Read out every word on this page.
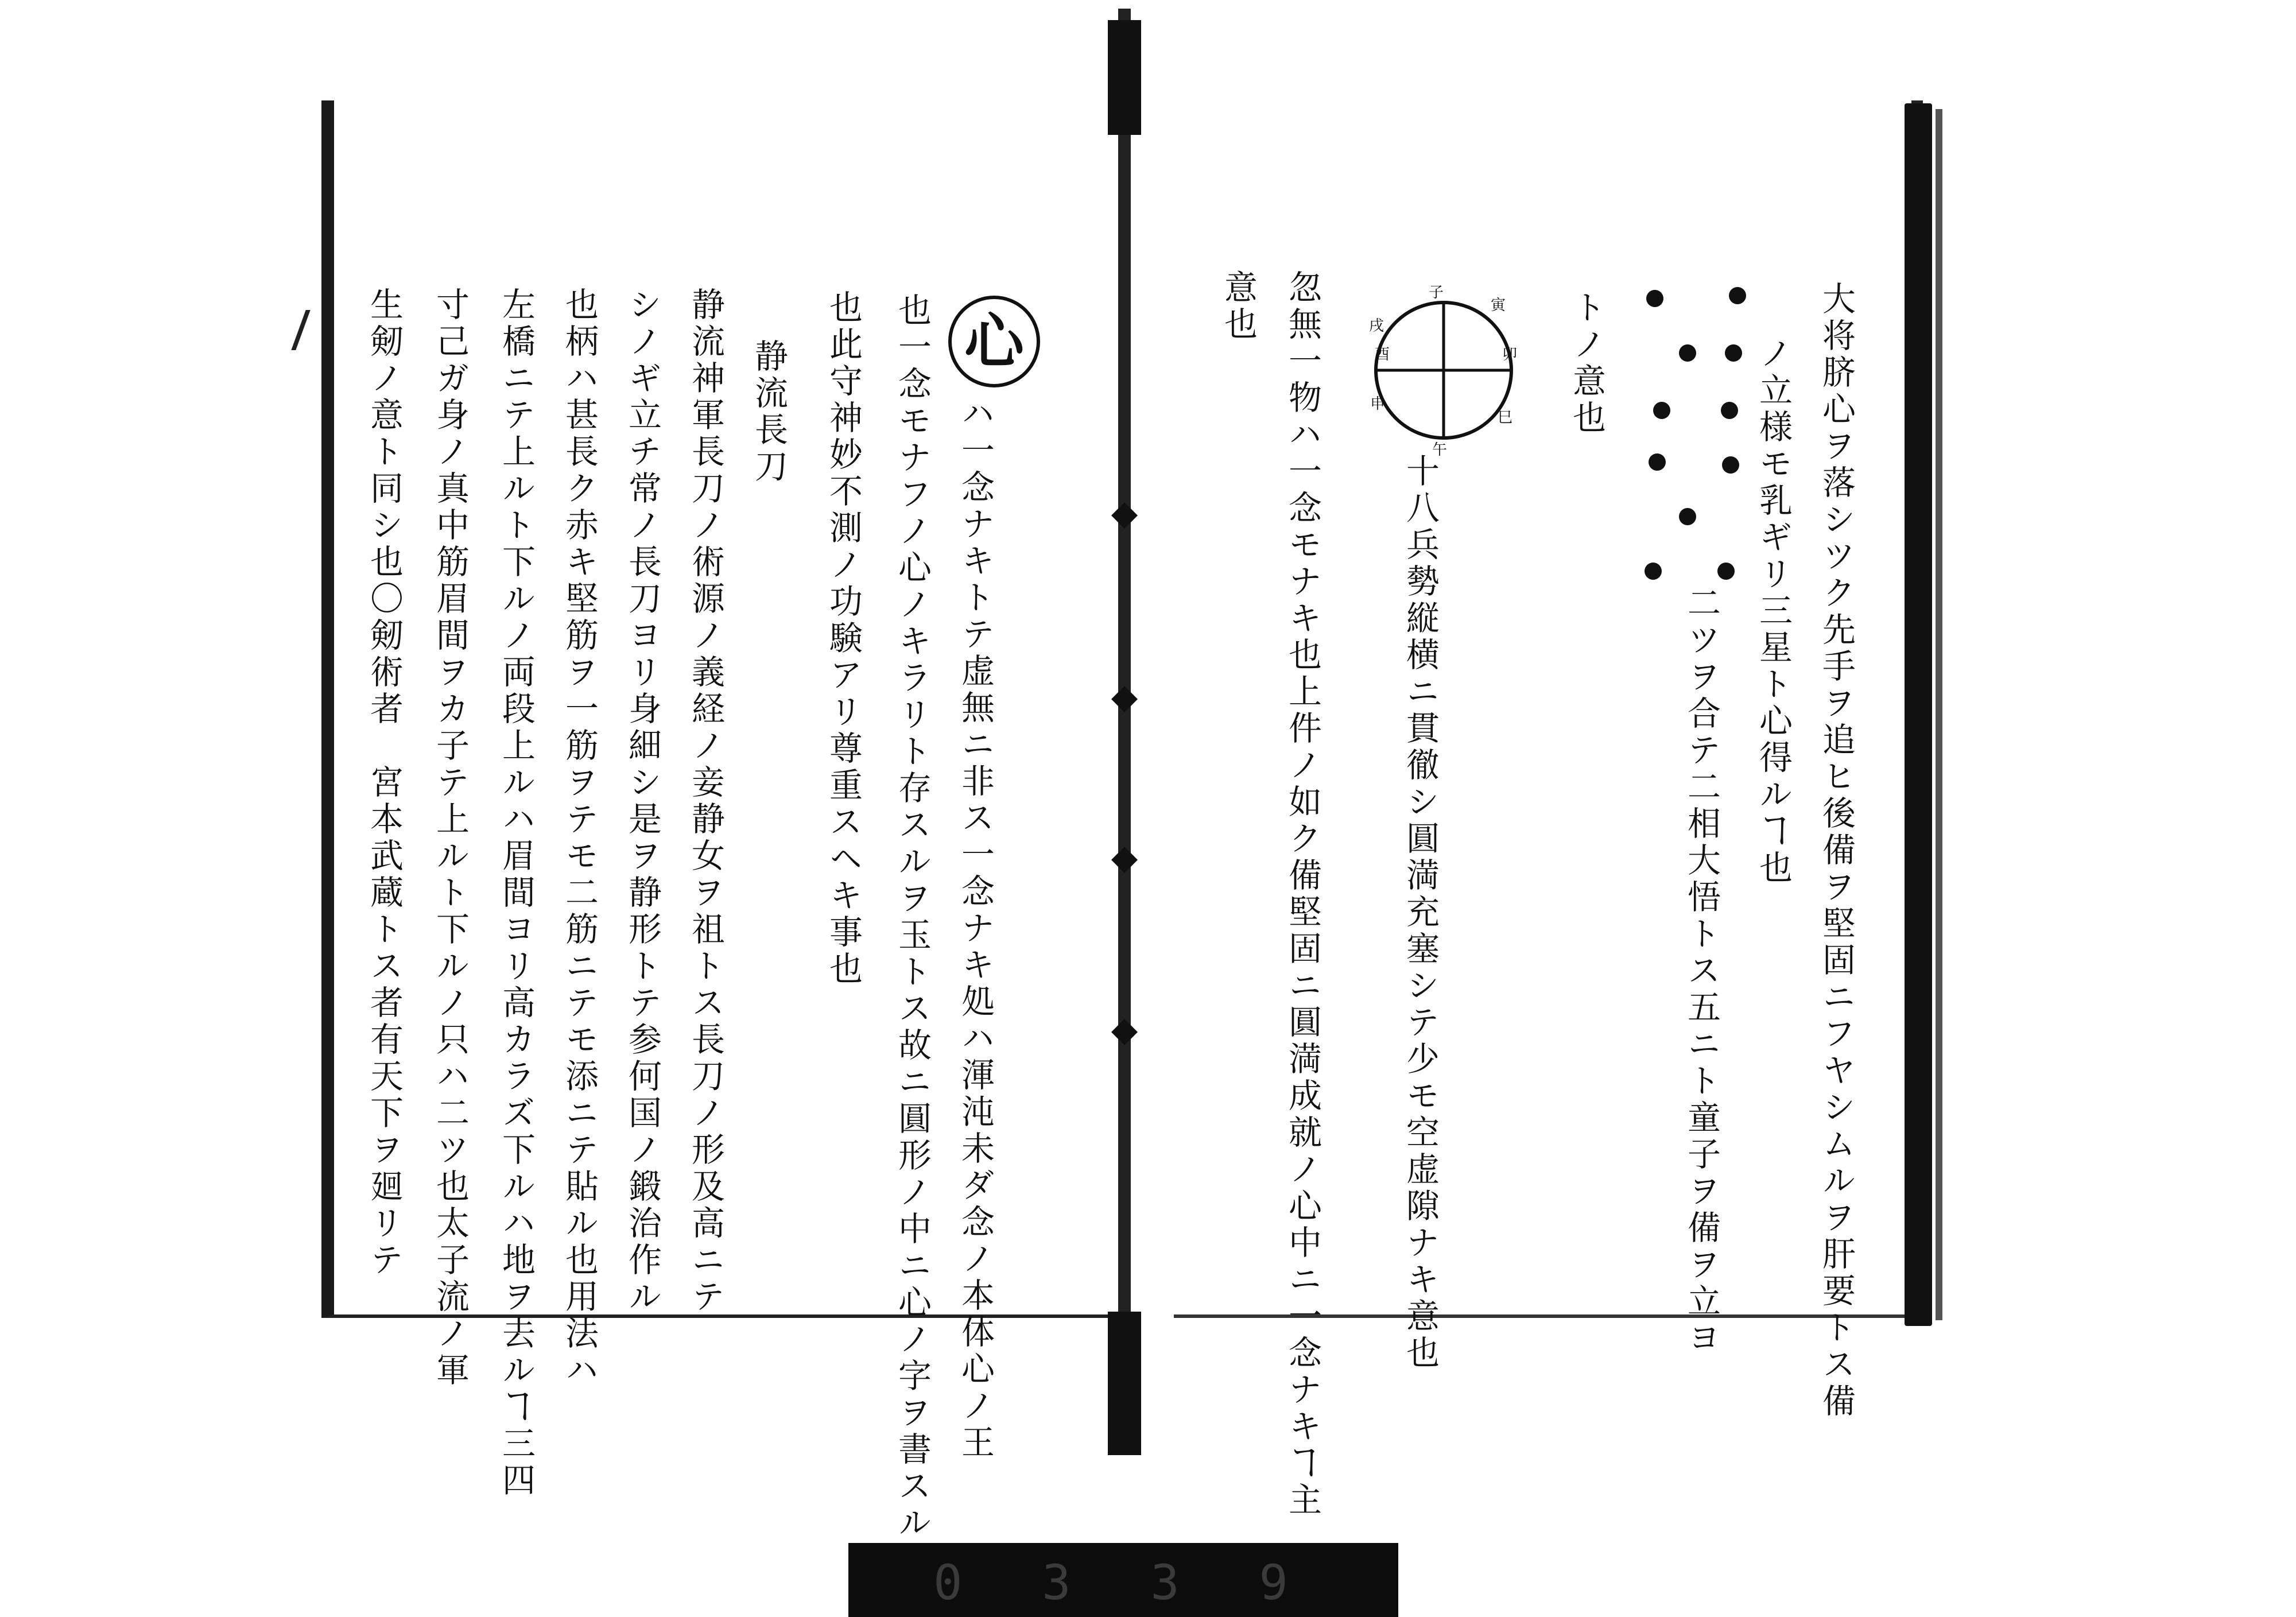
大将脐心ヲ落シツク先手ヲ追ヒ後備ヲ堅固ニフヤシムルヲ肝要トス備
ノ立様モ乳ギリ三星ト心得ルヿ也
トノ意也
二ツヲ合テ二相大悟トス五ニト童子ヲ備ヲ立ヨ
忽無一物ハ一念モナキ也上件ノ如ク備堅固ニ圓満成就ノ心中ニ一念ナキヿ主
意也
十八兵勢縦横ニ貫徹シ圓満充塞シテ少モ空虚隙ナキ意也
子
酉	卯
巳
戌
寅
申
午
心
ハ一念ナキトテ虚無ニ非ス一念ナキ処ハ渾沌未ダ念ノ本体心ノ王
也一念モナフノ心ノキラリト存スルヲ玉トス故ニ圓形ノ中ニ心ノ字ヲ書スル
也此守神妙不測ノ功験アリ尊重スヘキ事也
静流長刀
静流神軍長刀ノ術源ノ義経ノ妾静女ヲ祖トス長刀ノ形及高ニテ
シノギ立チ常ノ長刀ヨリ身細シ是ヲ静形トテ参何国ノ鍛治作ル
也柄ハ甚長ク赤キ堅筋ヲ一筋ヲテモ二筋ニテモ添ニテ貼ル也用法ハ
左橋ニテ上ルト下ルノ両段上ルハ眉間ヨリ高カラズ下ルハ地ヲ去ルヿ三四
寸己ガ身ノ真中筋眉間ヲカ子テ上ルト下ルノ只ハ二ツ也太子流ノ軍
生剱ノ意ト同シ也〇剱術者　宮本武蔵トス者有天下ヲ廻リテ
0 3 3 9
